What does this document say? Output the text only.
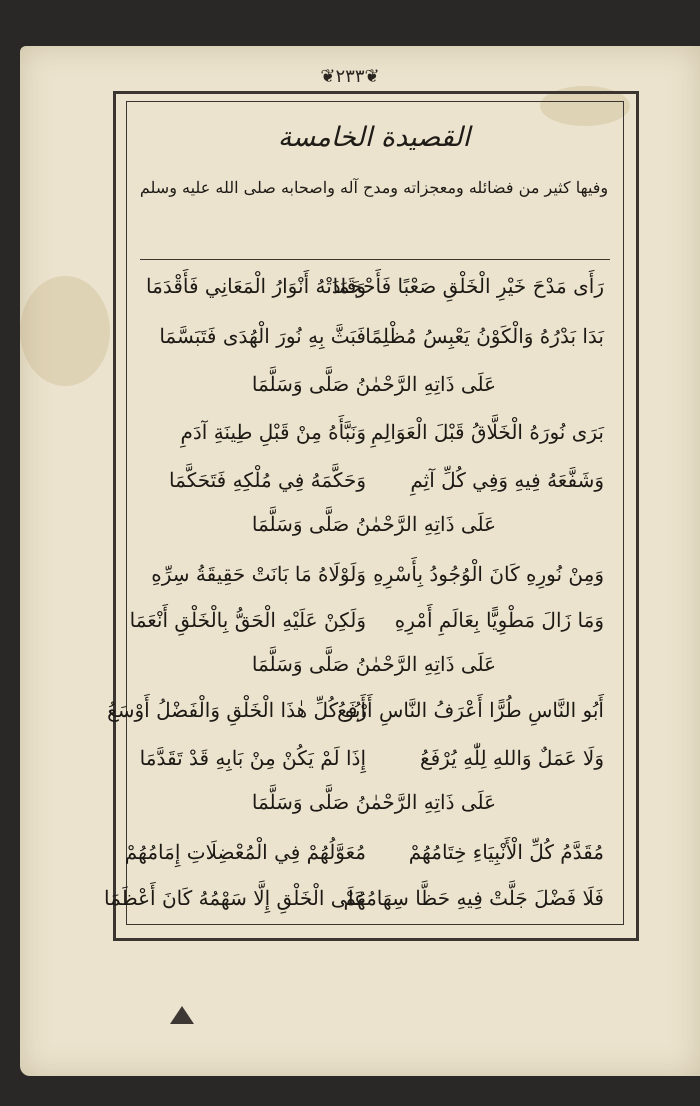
❦٢٣٣❦
القصيدة الخامسة
وفيها كثير من فضائله ومعجزاته ومدح آله واصحابه صلى الله عليه وسلم
رَأَى مَدْحَ خَيْرِ الْخَلْقِ صَعْبًا فَأَحْجَمَا
وَقَادَتْهُ أَنْوَارُ الْمَعَانِي فَأَقْدَمَا
بَدَا بَدْرُهُ وَالْكَوْنُ يَعْبِسُ مُظْلِمًا
فَبَثَّ بِهِ نُورَ الْهُدَى فَتَبَسَّمَا
عَلَى ذَاتِهِ الرَّحْمٰنُ صَلَّى وَسَلَّمَا
بَرَى نُورَهُ الْخَلَّاقُ قَبْلَ الْعَوَالِمِ
وَنَبَّأَهُ مِنْ قَبْلِ طِينَةِ آدَمِ
وَشَفَّعَهُ فِيهِ وَفِي كُلِّ آثِمِ
وَحَكَّمَهُ فِي مُلْكِهِ فَتَحَكَّمَا
عَلَى ذَاتِهِ الرَّحْمٰنُ صَلَّى وَسَلَّمَا
وَمِنْ نُورِهِ كَانَ الْوُجُودُ بِأَسْرِهِ
وَلَوْلَاهُ مَا بَانَتْ حَقِيقَةُ سِرِّهِ
وَمَا زَالَ مَطْوِيًّا بِعَالَمِ أَمْرِهِ
وَلَكِنْ عَلَيْهِ الْحَقُّ بِالْخَلْقِ أَنْعَمَا
عَلَى ذَاتِهِ الرَّحْمٰنُ صَلَّى وَسَلَّمَا
أَبُو النَّاسِ طُرًّا أَعْرَفُ النَّاسِ أَرْفَعُ
أَبُو كُلِّ هٰذَا الْخَلْقِ وَالْفَضْلُ أَوْسَعُ
وَلَا عَمَلٌ وَاللهِ لِلّٰهِ يُرْفَعُ
إِذَا لَمْ يَكُنْ مِنْ بَابِهِ قَدْ تَقَدَّمَا
عَلَى ذَاتِهِ الرَّحْمٰنُ صَلَّى وَسَلَّمَا
مُقَدَّمُ كُلِّ الْأَنْبِيَاءِ خِتَامُهُمْ
مُعَوَّلُهُمْ فِي الْمُعْضِلَاتِ إِمَامُهُمْ
فَلَا فَضْلَ جَلَّتْ فِيهِ حَظَّا سِهَامُهُمْ
عَلَى الْخَلْقِ إِلَّا سَهْمُهُ كَانَ أَعْظَمَا
